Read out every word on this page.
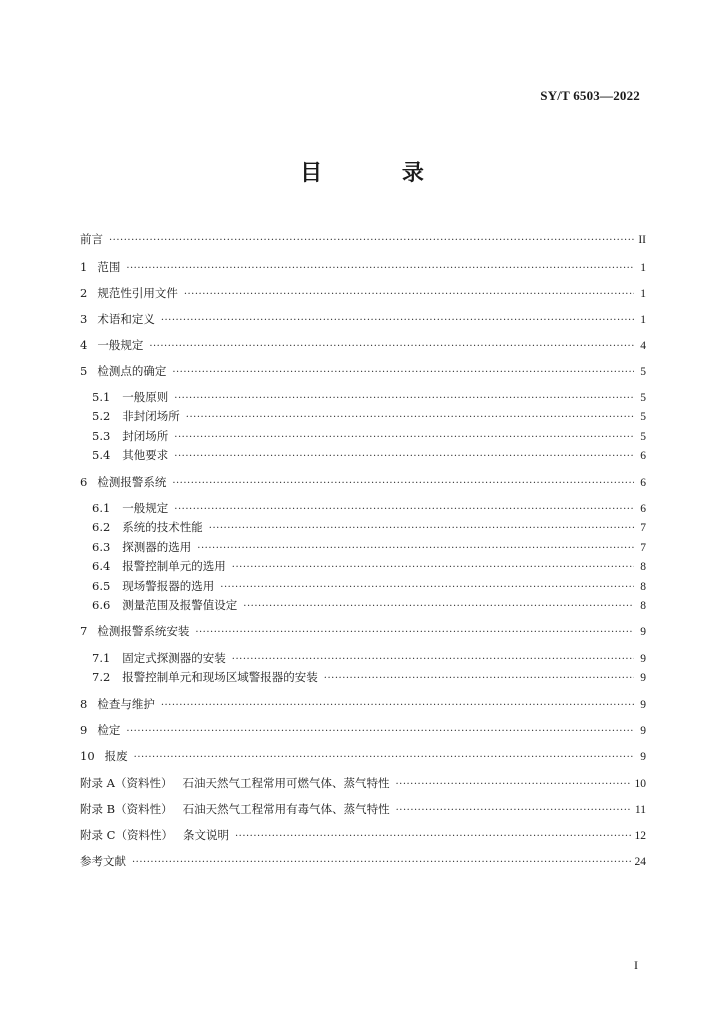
SY/T 6503—2022
目 录
前言 ·····	II
1 范围 ·····	1
2 规范性引用文件 ·····	1
3 术语和定义 ·····	1
4 一般规定 ·····	4
5 检测点的确定 ·····	5
5.1 一般原则 ·····	5
5.2 非封闭场所 ·····	5
5.3 封闭场所 ·····	5
5.4 其他要求 ·····	6
6 检测报警系统 ·····	6
6.1 一般规定 ·····	6
6.2 系统的技术性能 ·····	7
6.3 探测器的选用 ·····	7
6.4 报警控制单元的选用 ·····	8
6.5 现场警报器的选用 ·····	8
6.6 测量范围及报警值设定 ·····	8
7 检测报警系统安装 ·····	9
7.1 固定式探测器的安装 ·····	9
7.2 报警控制单元和现场区域警报器的安装 ·····	9
8 检查与维护 ·····	9
9 检定 ·····	9
10 报废 ·····	9
附录 A（资料性） 石油天然气工程常用可燃气体、蒸气特性 ·····	10
附录 B（资料性） 石油天然气工程常用有毒气体、蒸气特性 ·····	11
附录 C（资料性） 条文说明 ·····	12
参考文献 ·····	24
I
